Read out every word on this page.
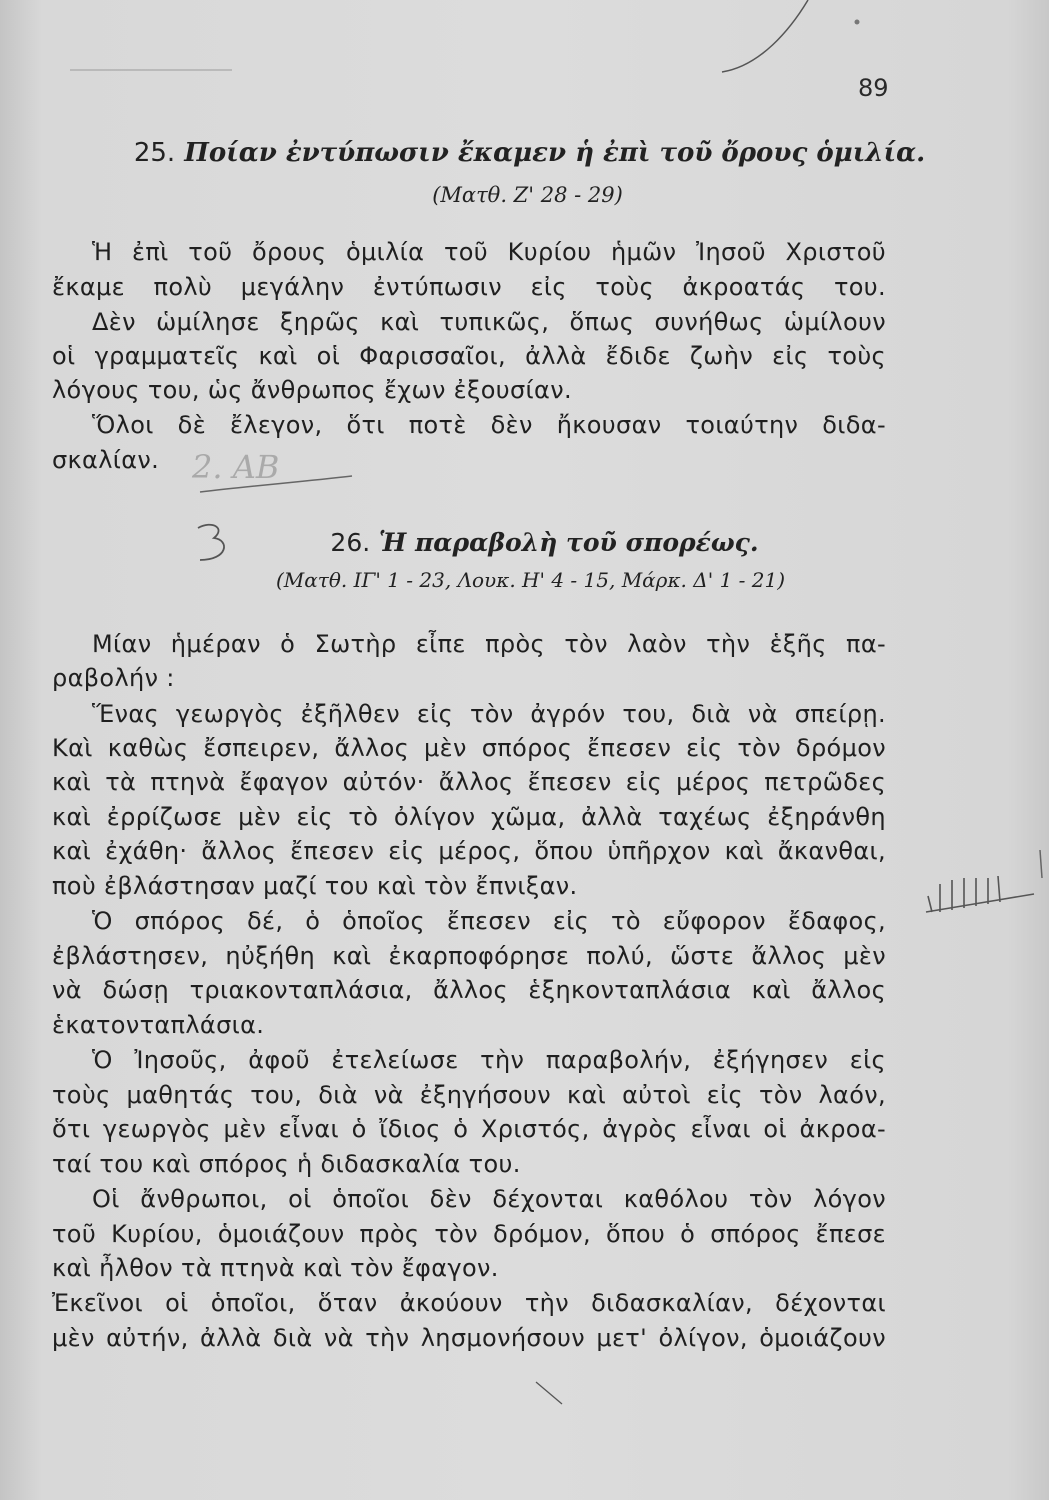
89
25. Ποίαν ἐντύπωσιν ἔκαμεν ἡ ἐπὶ τοῦ ὄρους ὁμιλία.
(Ματθ. Ζ' 28 - 29)
Ἡ ἐπὶ τοῦ ὄρους ὁμιλία τοῦ Κυρίου ἡμῶν Ἰησοῦ Χριστοῦ
ἔκαμε πολὺ μεγάλην ἐντύπωσιν εἰς τοὺς ἀκροατάς του.
Δὲν ὡμίλησε ξηρῶς καὶ τυπικῶς, ὅπως συνήθως ὡμίλουν
οἱ γραμματεῖς καὶ οἱ Φαρισσαῖοι, ἀλλὰ ἔδιδε ζωὴν εἰς τοὺς
λόγους του, ὡς ἄνθρωπος ἔχων ἐξουσίαν.
Ὅλοι δὲ ἔλεγον, ὅτι ποτὲ δὲν ἤκουσαν τοιαύτην διδα-
σκαλίαν.
26. Ἡ παραβολὴ τοῦ σπορέως.
(Ματθ. ΙΓ' 1 - 23, Λουκ. Η' 4 - 15, Μάρκ. Δ' 1 - 21)
Μίαν ἡμέραν ὁ Σωτὴρ εἶπε πρὸς τὸν λαὸν τὴν ἑξῆς πα-
ραβολήν :
Ἕνας γεωργὸς ἐξῆλθεν εἰς τὸν ἀγρόν του, διὰ νὰ σπείρῃ.
Καὶ καθὼς ἔσπειρεν, ἄλλος μὲν σπόρος ἔπεσεν εἰς τὸν δρόμον
καὶ τὰ πτηνὰ ἔφαγον αὐτόν· ἄλλος ἔπεσεν εἰς μέρος πετρῶδες
καὶ ἐρρίζωσε μὲν εἰς τὸ ὀλίγον χῶμα, ἀλλὰ ταχέως ἐξηράνθη
καὶ ἐχάθη· ἄλλος ἔπεσεν εἰς μέρος, ὅπου ὑπῆρχον καὶ ἄκανθαι,
ποὺ ἐβλάστησαν μαζί του καὶ τὸν ἔπνιξαν.
Ὁ σπόρος δέ, ὁ ὁποῖος ἔπεσεν εἰς τὸ εὔφορον ἔδαφος,
ἐβλάστησεν, ηὐξήθη καὶ ἐκαρποφόρησε πολύ, ὥστε ἄλλος μὲν
νὰ δώσῃ τριακονταπλάσια, ἄλλος ἑξηκονταπλάσια καὶ ἄλλος
ἑκατονταπλάσια.
Ὁ Ἰησοῦς, ἀφοῦ ἐτελείωσε τὴν παραβολήν, ἐξήγησεν εἰς
τοὺς μαθητάς του, διὰ νὰ ἐξηγήσουν καὶ αὐτοὶ εἰς τὸν λαόν,
ὅτι γεωργὸς μὲν εἶναι ὁ ἴδιος ὁ Χριστός, ἀγρὸς εἶναι οἱ ἀκροα-
ταί του καὶ σπόρος ἡ διδασκαλία του.
Οἱ ἄνθρωποι, οἱ ὁποῖοι δὲν δέχονται καθόλου τὸν λόγον
τοῦ Κυρίου, ὁμοιάζουν πρὸς τὸν δρόμον, ὅπου ὁ σπόρος ἔπεσε
καὶ ἦλθον τὰ πτηνὰ καὶ τὸν ἔφαγον.
Ἐκεῖνοι οἱ ὁποῖοι, ὅταν ἀκούουν τὴν διδασκαλίαν, δέχονται
μὲν αὐτήν, ἀλλὰ διὰ νὰ τὴν λησμονήσουν μετ' ὀλίγον, ὁμοιάζουν
2. ΑΒ
